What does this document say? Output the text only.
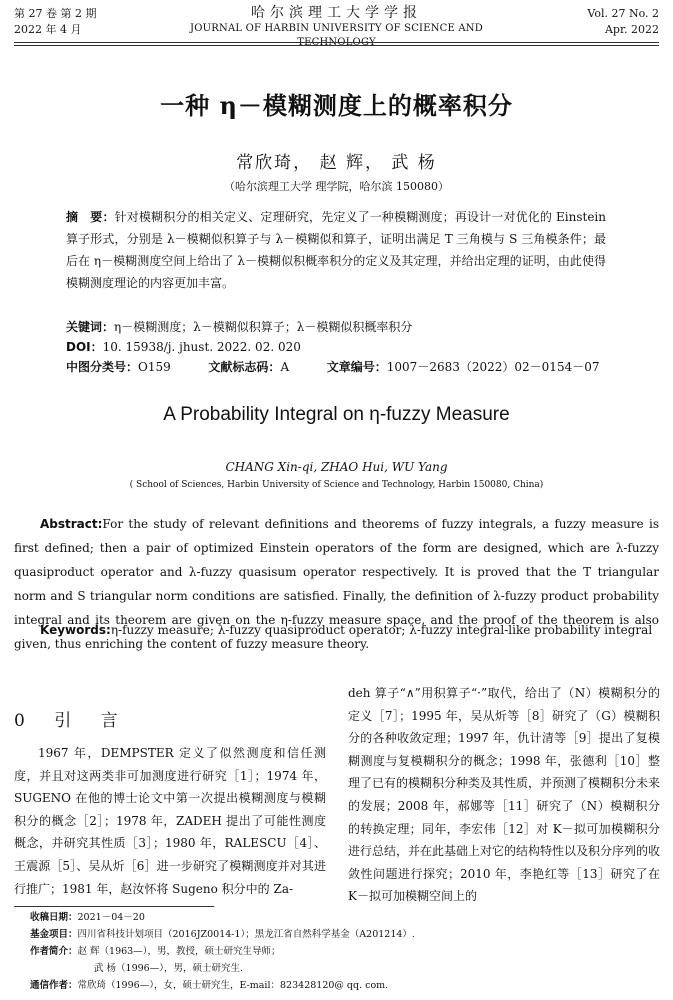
第 27 卷 第 2 期
2022 年 4 月
哈尔滨理工大学学报
JOURNAL OF HARBIN UNIVERSITY OF SCIENCE AND TECHNOLOGY
Vol. 27 No. 2
Apr. 2022
一种 η－模糊测度上的概率积分
常欣琦， 赵 辉， 武 杨
（哈尔滨理工大学 理学院，哈尔滨 150080）
摘　要：针对模糊积分的相关定义、定理研究，先定义了一种模糊测度；再设计一对优化的 Einstein 算子形式，分别是 λ－模糊似积算子与 λ－模糊似和算子，证明出满足 T 三角模与 S 三角模条件；最后在 η－模糊测度空间上给出了 λ－模糊似积概率积分的定义及其定理，并给出定理的证明，由此使得模糊测度理论的内容更加丰富。
关键词：η－模糊测度；λ－模糊似积算子；λ－模糊似积概率积分
DOI：10. 15938/j. jhust. 2022. 02. 020
中图分类号：O159	文献标志码：A	文章编号：1007－2683（2022）02－0154－07
A Probability Integral on η-fuzzy Measure
CHANG Xin-qi, ZHAO Hui, WU Yang
( School of Sciences, Harbin University of Science and Technology, Harbin 150080, China)
Abstract:For the study of relevant definitions and theorems of fuzzy integrals, a fuzzy measure is first defined; then a pair of optimized Einstein operators of the form are designed, which are λ-fuzzy quasiproduct operator and λ-fuzzy quasisum operator respectively. It is proved that the T triangular norm and S triangular norm conditions are satisfied. Finally, the definition of λ-fuzzy product probability integral and its theorem are given on the η-fuzzy measure space, and the proof of the theorem is also given, thus enriching the content of fuzzy measure theory.
Keywords:η-fuzzy measure; λ-fuzzy quasiproduct operator; λ-fuzzy integral-like probability integral
0 引 言
1967 年，DEMPSTER 定义了似然测度和信任测度，并且对这两类非可加测度进行研究［1］；1974 年，SUGENO 在他的博士论文中第一次提出模糊测度与模糊积分的概念［2］；1978 年，ZADEH 提出了可能性测度概念，并研究其性质［3］；1980 年，RALESCU［4］、王震源［5］、吴从炘［6］进一步研究了模糊测度并对其进行推广；1981 年，赵汝怀将 Sugeno 积分中的 Za-
deh 算子“∧”用积算子“·”取代，给出了（N）模糊积分的定义［7］；1995 年，吴从炘等［8］研究了（G）模糊积分的各种收敛定理；1997 年，仇计清等［9］提出了复模糊测度与复模糊积分的概念；1998 年，张德利［10］整理了已有的模糊积分种类及其性质，并预测了模糊积分未来的发展；2008 年，郝娜等［11］研究了（N）模糊积分的转换定理；同年，李宏伟［12］对 K－拟可加模糊积分进行总结，并在此基础上对它的结构特性以及积分序列的收敛性问题进行探究；2010 年，李艳红等［13］研究了在 K－拟可加模糊空间上的
收稿日期：2021－04－20
基金项目：四川省科技计划项目（2016JZ0014-1）；黑龙江省自然科学基金（A201214）.
作者简介：赵 辉（1963—），男，教授，硕士研究生导师；
武 杨（1996—），男，硕士研究生.
通信作者：常欣琦（1996—），女，硕士研究生，E-mail：823428120@ qq. com.
